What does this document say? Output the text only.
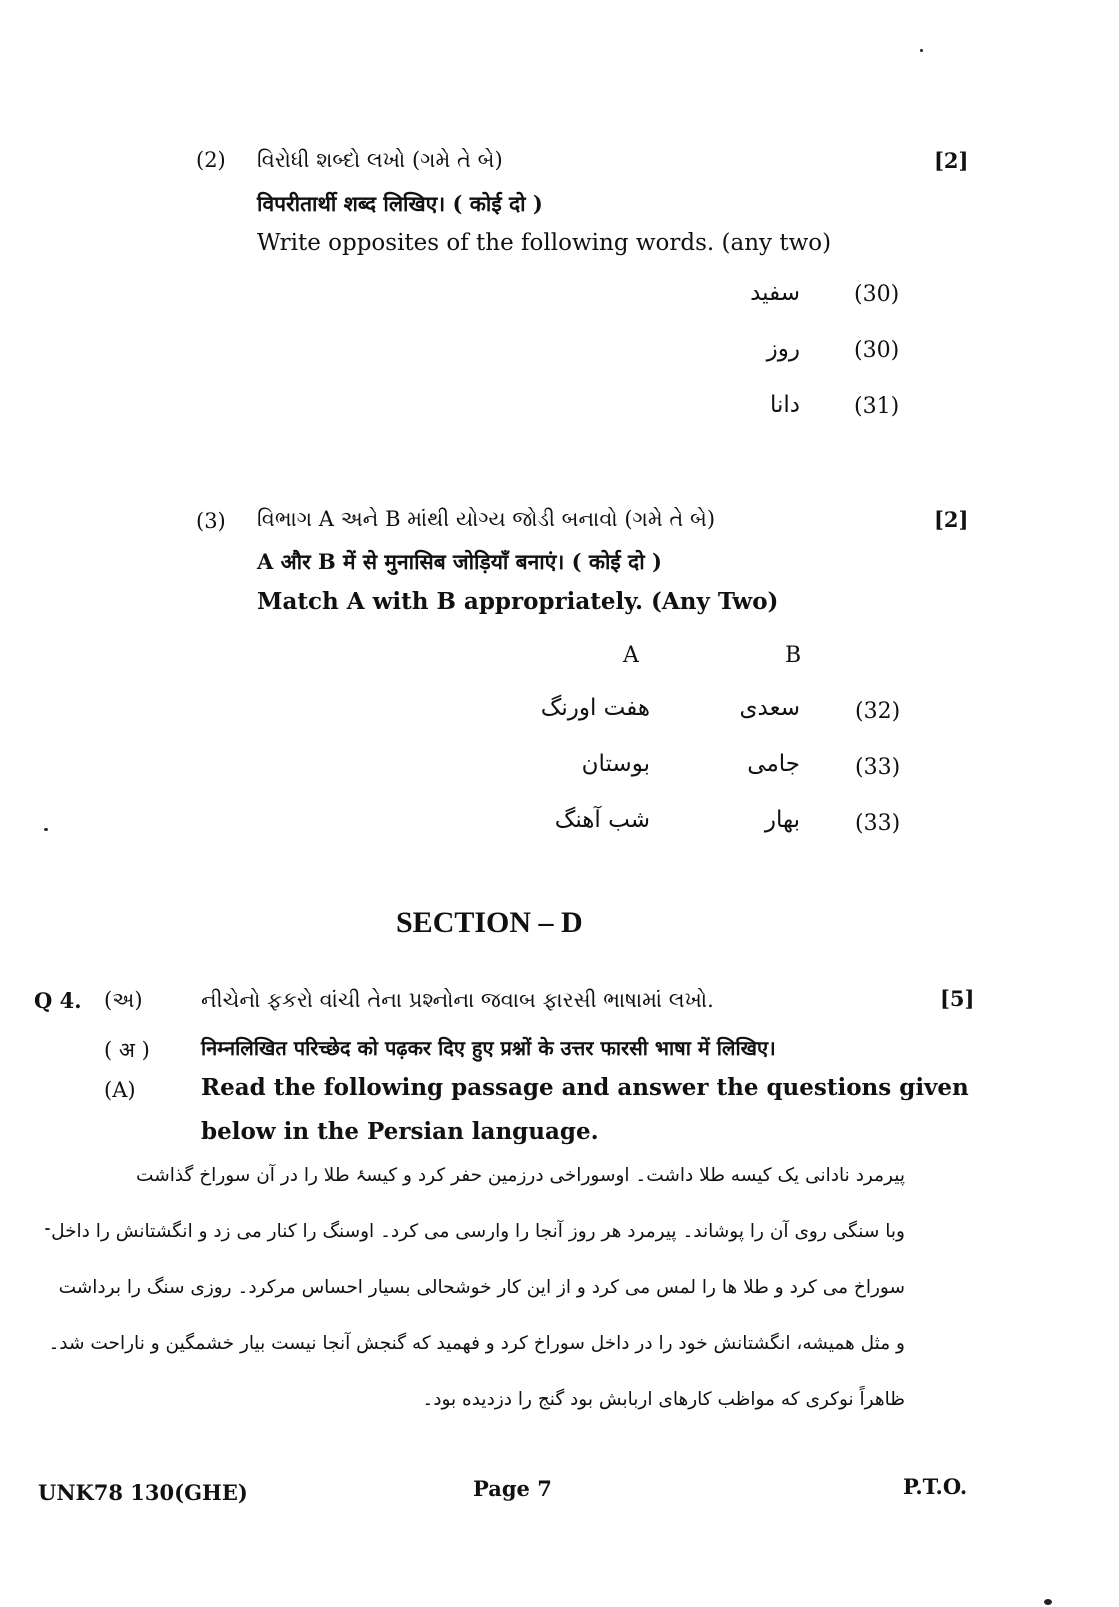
(2) વિરોધી શબ્દો લખો (ગમે તે બે)	[2]
विपरीतार्थी शब्द लिखिए। ( कोई दो )
Write opposites of the following words. (any two)
سفید (30)
روز (30)
دانا (31)
(3) વિભાગ A અને B માંથી યોગ્ય જોડી બનાવો (ગમે તે બે)	[2]
A और B में से मुनासिब जोड़ियाँ बनाएं। ( कोई दो )
Match A with B appropriately. (Any Two)
A	B
هفت اورنگ	سعدی	(32)
بوستان	جامی	(33)
شب آهنگ	بهار	(33)
SECTION – D
Q 4. (અ)	નીચેનો ફકરો વાંચી તેના પ્રશ્નોના જવાબ ફારસી ભાષામાં લખો.	[5]
( अ )	निम्नलिखित परिच्छेद को पढ़कर दिए हुए प्रश्नों के उत्तर फारसी भाषा में लिखिए।
(A)	Read the following passage and answer the questions given
below in the Persian language.

پیرمرد نادانی یک کیسه طلا داشت۔ اوسوراخی درزمین حفر کرد و کیسۂ طلا را در آن سوراخ گذاشت

وبا سنگی روی آن را پوشاند۔ پیرمرد هر روز آنجا را وارسی می کرد۔ اوسنگ را کنار می زد و انگشتانش را داخل

سوراخ می کرد و طلا ها را لمس می کرد و از این کار خوشحالی بسیار احساس مرکرد۔ روزی سنگ را برداشت

و مثل همیشه، انگشتانش خود را در داخل سوراخ کرد و فهمید که گنجش آنجا نیست بیار خشمگین و ناراحت شد۔

ظاهراً نوکری که مواظب کارهای اربابش بود گنج را دزدیده بود۔

UNK78 130(GHE)	Page 7	P.T.O.
